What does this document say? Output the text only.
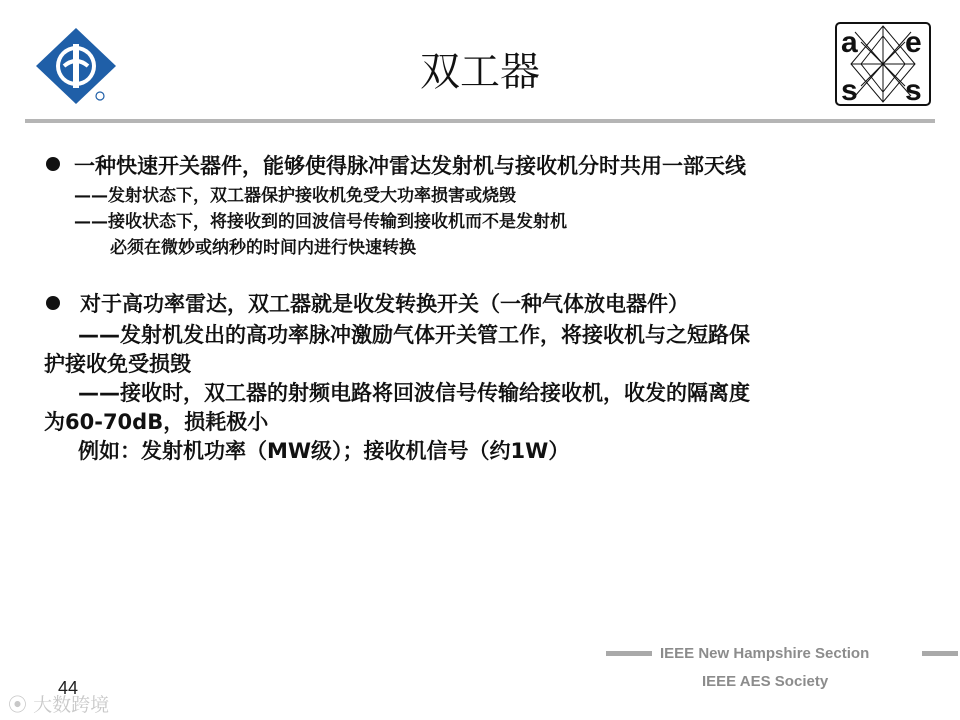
双工器
a e
s s
一种快速开关器件，能够使得脉冲雷达发射机与接收机分时共用一部天线
——发射状态下，双工器保护接收机免受大功率损害或烧毁
——接收状态下，将接收到的回波信号传输到接收机而不是发射机
必须在微妙或纳秒的时间内进行快速转换
对于高功率雷达，双工器就是收发转换开关（一种气体放电器件）
——发射机发出的高功率脉冲激励气体开关管工作，将接收机与之短路保
护接收免受损毁
——接收时，双工器的射频电路将回波信号传输给接收机，收发的隔离度
为60-70dB，损耗极小
例如：发射机功率（MW级）；接收机信号（约1W）
IEEE New Hampshire Section
IEEE AES Society
44
⦿ 大数跨境
